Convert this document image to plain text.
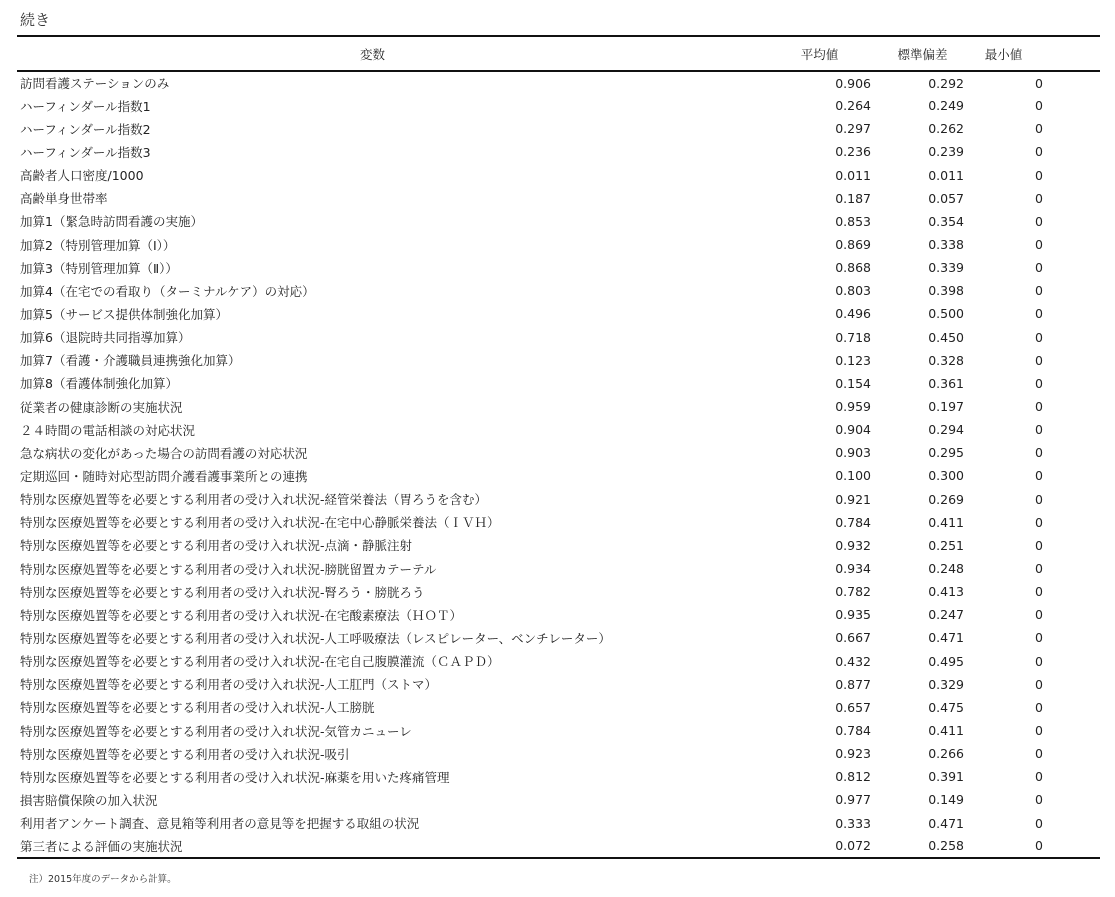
続き
変数	平均値	標準偏差	最小値	
訪問看護ステーションのみ	0.906	0.292	0	
ハーフィンダール指数1	0.264	0.249	0	
ハーフィンダール指数2	0.297	0.262	0	
ハーフィンダール指数3	0.236	0.239	0	
高齢者人口密度/1000	0.011	0.011	0	
高齢単身世帯率	0.187	0.057	0	
加算1（緊急時訪問看護の実施）	0.853	0.354	0	
加算2（特別管理加算（Ⅰ））	0.869	0.338	0	
加算3（特別管理加算（Ⅱ））	0.868	0.339	0	
加算4（在宅での看取り（ターミナルケア）の対応）	0.803	0.398	0	
加算5（サービス提供体制強化加算）	0.496	0.500	0	
加算6（退院時共同指導加算）	0.718	0.450	0	
加算7（看護・介護職員連携強化加算）	0.123	0.328	0	
加算8（看護体制強化加算）	0.154	0.361	0	
従業者の健康診断の実施状況	0.959	0.197	0	
２４時間の電話相談の対応状況	0.904	0.294	0	
急な病状の変化があった場合の訪問看護の対応状況	0.903	0.295	0	
定期巡回・随時対応型訪問介護看護事業所との連携	0.100	0.300	0	
特別な医療処置等を必要とする利用者の受け入れ状況-経管栄養法（胃ろうを含む）	0.921	0.269	0	
特別な医療処置等を必要とする利用者の受け入れ状況-在宅中心静脈栄養法（ＩＶＨ）	0.784	0.411	0	
特別な医療処置等を必要とする利用者の受け入れ状況-点滴・静脈注射	0.932	0.251	0	
特別な医療処置等を必要とする利用者の受け入れ状況-膀胱留置カテーテル	0.934	0.248	0	
特別な医療処置等を必要とする利用者の受け入れ状況-腎ろう・膀胱ろう	0.782	0.413	0	
特別な医療処置等を必要とする利用者の受け入れ状況-在宅酸素療法（ＨＯＴ）	0.935	0.247	0	
特別な医療処置等を必要とする利用者の受け入れ状況-人工呼吸療法（レスピレーター、ベンチレーター）	0.667	0.471	0	
特別な医療処置等を必要とする利用者の受け入れ状況-在宅自己腹膜灌流（ＣＡＰＤ）	0.432	0.495	0	
特別な医療処置等を必要とする利用者の受け入れ状況-人工肛門（ストマ）	0.877	0.329	0	
特別な医療処置等を必要とする利用者の受け入れ状況-人工膀胱	0.657	0.475	0	
特別な医療処置等を必要とする利用者の受け入れ状況-気管カニューレ	0.784	0.411	0	
特別な医療処置等を必要とする利用者の受け入れ状況-吸引	0.923	0.266	0	
特別な医療処置等を必要とする利用者の受け入れ状況-麻薬を用いた疼痛管理	0.812	0.391	0	
損害賠償保険の加入状況	0.977	0.149	0	
利用者アンケート調査、意見箱等利用者の意見等を把握する取組の状況	0.333	0.471	0	
第三者による評価の実施状況	0.072	0.258	0	
注）2015年度のデータから計算。
